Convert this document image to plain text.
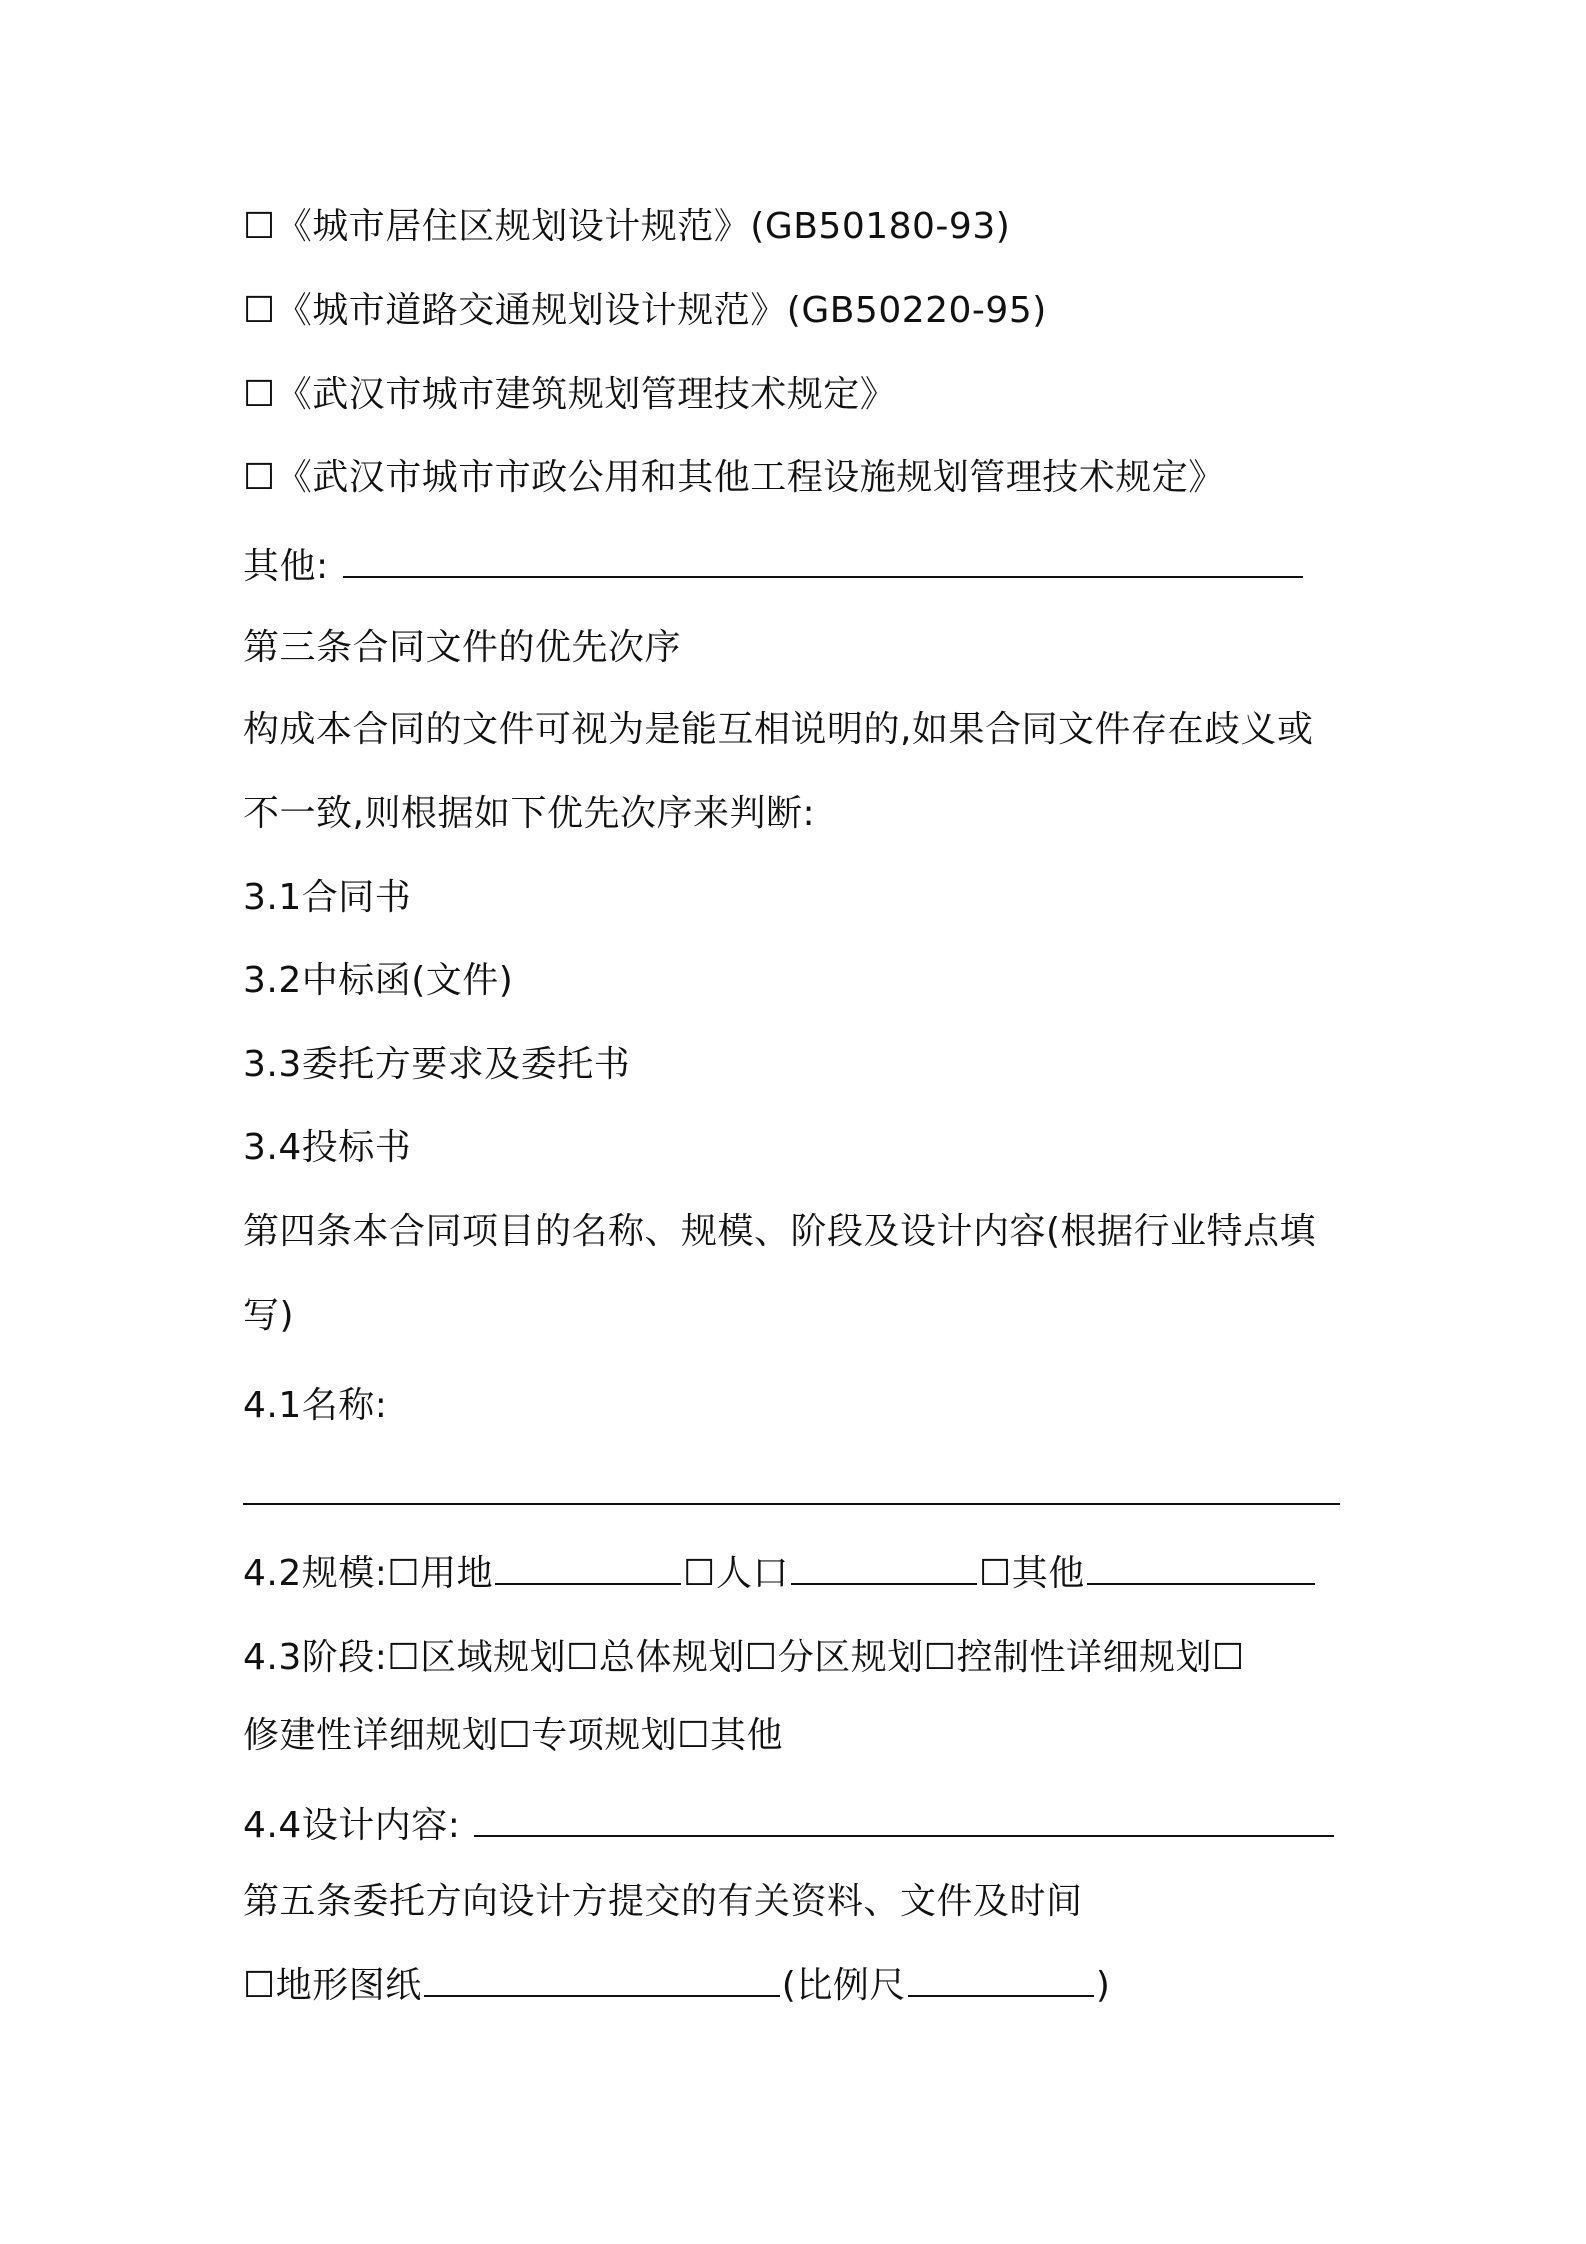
☐《城市居住区规划设计规范》(GB50180-93)

☐《城市道路交通规划设计规范》(GB50220-95)

☐《武汉市城市建筑规划管理技术规定》

☐《武汉市城市市政公用和其他工程设施规划管理技术规定》

其他:

第三条合同文件的优先次序

构成本合同的文件可视为是能互相说明的,如果合同文件存在歧义或

不一致,则根据如下优先次序来判断:

3.1合同书

3.2中标函(文件)

3.3委托方要求及委托书

3.4投标书

第四条本合同项目的名称、规模、阶段及设计内容(根据行业特点填

写)

4.1名称:

4.2规模:☐用地	☐人口	☐其他

4.3阶段:☐区域规划☐总体规划☐分区规划☐控制性详细规划☐

修建性详细规划☐专项规划☐其他

4.4设计内容:

第五条委托方向设计方提交的有关资料、文件及时间

☐地形图纸	(比例尺	)
